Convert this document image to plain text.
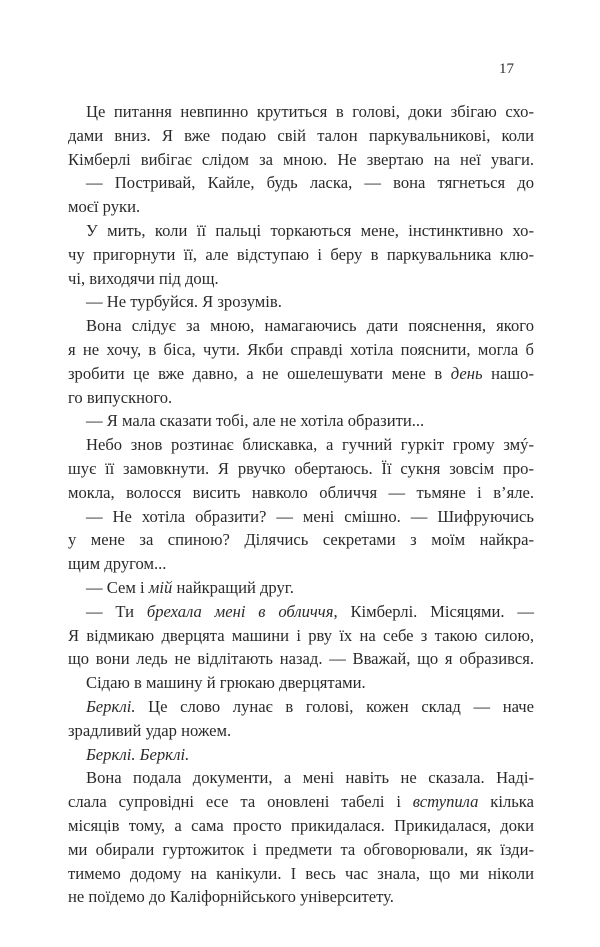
17
Це питання невпинно крутиться в голові, доки збігаю схо-
дами вниз. Я вже подаю свій талон паркувальникові, коли
Кімберлі вибігає слідом за мною. Не звертаю на неї уваги.
— Постривай, Кайле, будь ласка, — вона тягнеться до
моєї руки.
У мить, коли її пальці торкаються мене, інстинктивно хо-
чу пригорнути її, але відступаю і беру в паркувальника клю-
чі, виходячи під дощ.
— Не турбуйся. Я зрозумів.
Вона слідує за мною, намагаючись дати пояснення, якого
я не хочу, в біса, чути. Якби справді хотіла пояснити, могла б
зробити це вже давно, а не ошелешувати мене в день нашо-
го випускного.
— Я мала сказати тобі, але не хотіла образити...
Небо знов розтинає блискавка, а гучний гуркіт грому змý-
шує її замовкнути. Я рвучко обертаюсь. Її сукня зовсім про-
мокла, волосся висить навколо обличчя — тьмяне і в’яле.
— Не хотіла образити? — мені смішно. — Шифруючись
у мене за спиною? Ділячись секретами з моїм найкра-
щим другом...
— Сем і мій найкращий друг.
— Ти брехала мені в обличчя, Кімберлі. Місяцями. —
Я відмикаю дверцята машини і рву їх на себе з такою силою,
що вони ледь не відлітають назад. — Вважай, що я образився.
Сідаю в машину й грюкаю дверцятами.
Берклі. Це слово лунає в голові, кожен склад — наче
зрадливий удар ножем.
Берклі. Берклі.
Вона подала документи, а мені навіть не сказала. Наді-
слала супровідні есе та оновлені табелі і вступила кілька
місяців тому, а сама просто прикидалася. Прикидалася, доки
ми обирали гуртожиток і предмети та обговорювали, як їзди-
тимемо додому на канікули. І весь час знала, що ми ніколи
не поїдемо до Каліфорнійського університету.
